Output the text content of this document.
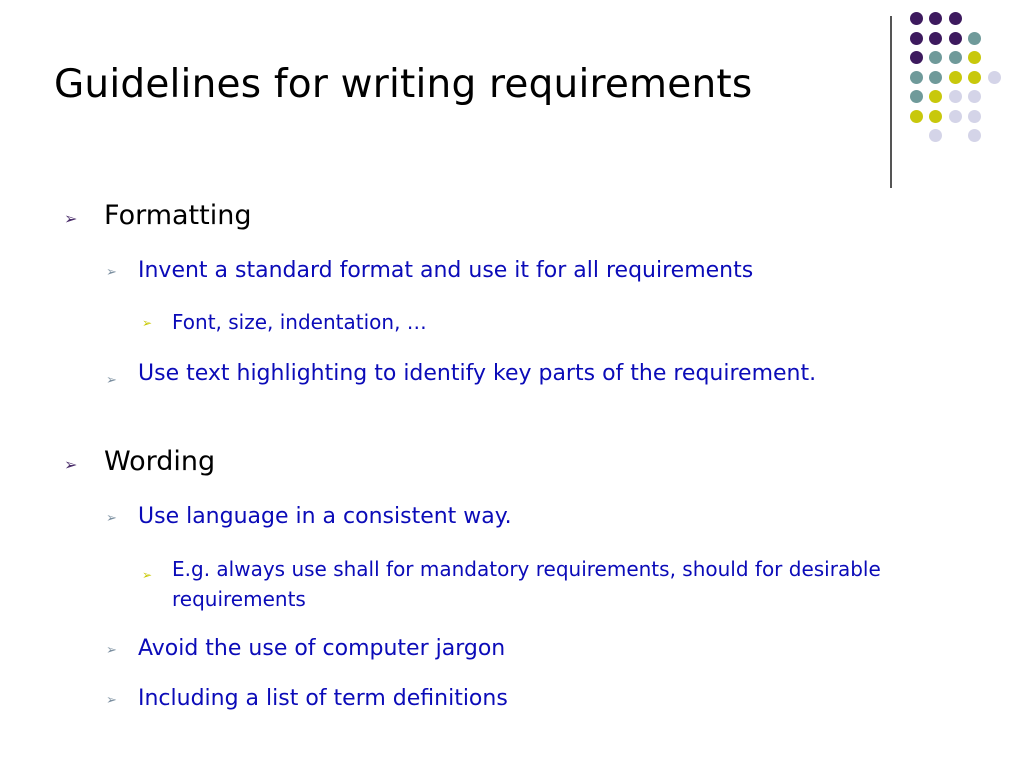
Guidelines for writing requirements
➢ Formatting
➢ Invent a standard format and use it for all requirements
➢ Font, size, indentation, …
➢ Use text highlighting to identify key parts of the requirement.
➢ Wording
➢ Use language in a consistent way.
➢ E.g. always use shall for mandatory requirements, should for desirable requirements
➢ Avoid the use of computer jargon
➢ Including a list of term definitions
